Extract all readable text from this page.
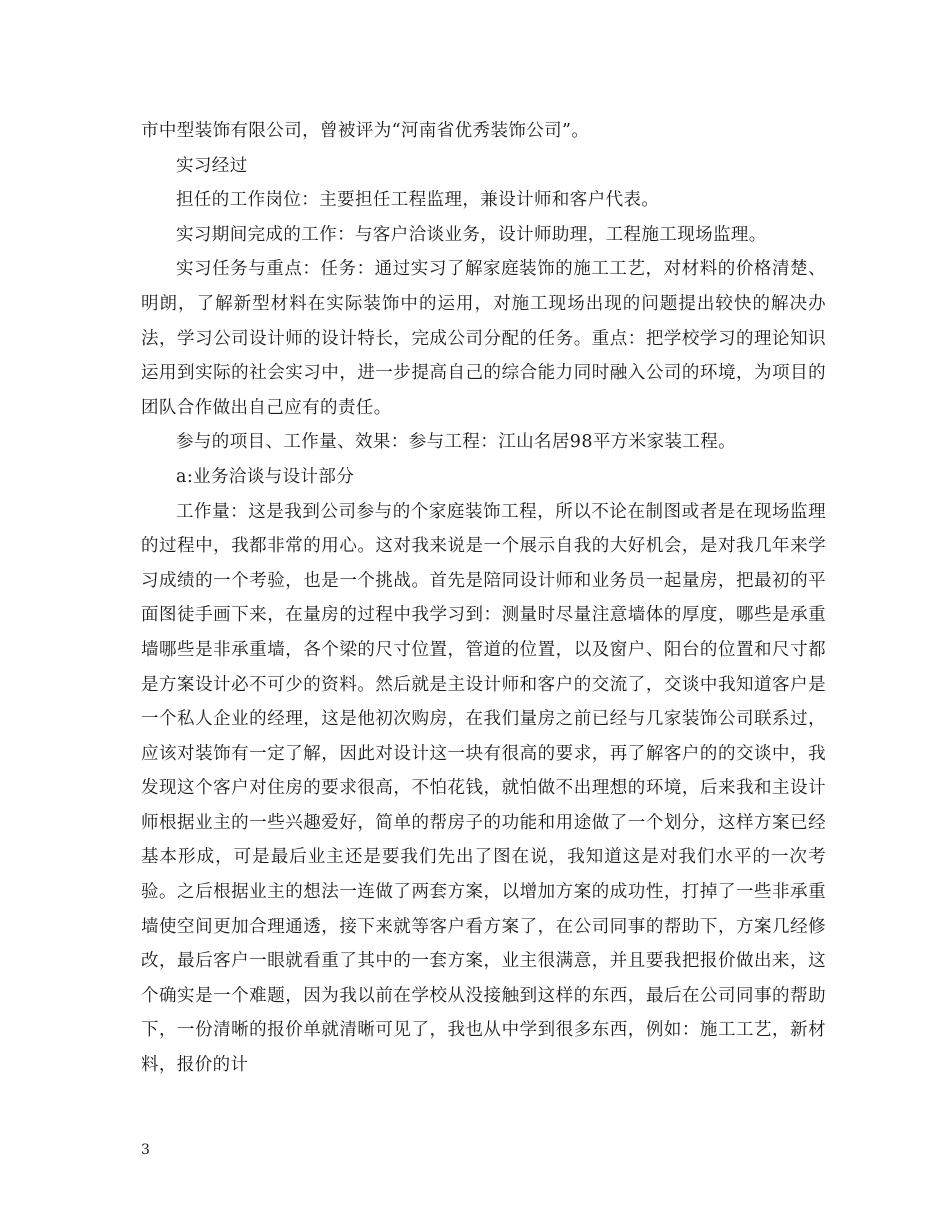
市中型装饰有限公司，曾被评为“河南省优秀装饰公司”。

实习经过

担任的工作岗位：主要担任工程监理，兼设计师和客户代表。

实习期间完成的工作：与客户洽谈业务，设计师助理，工程施工现场监理。

实习任务与重点：任务：通过实习了解家庭装饰的施工工艺，对材料的价格清楚、明朗，了解新型材料在实际装饰中的运用，对施工现场出现的问题提出较快的解决办法，学习公司设计师的设计特长，完成公司分配的任务。重点：把学校学习的理论知识运用到实际的社会实习中，进一步提高自己的综合能力同时融入公司的环境，为项目的团队合作做出自己应有的责任。

参与的项目、工作量、效果：参与工程：江山名居98平方米家装工程。

a:业务洽谈与设计部分

工作量：这是我到公司参与的个家庭装饰工程，所以不论在制图或者是在现场监理的过程中，我都非常的用心。这对我来说是一个展示自我的大好机会，是对我几年来学习成绩的一个考验，也是一个挑战。首先是陪同设计师和业务员一起量房，把最初的平面图徒手画下来，在量房的过程中我学习到：测量时尽量注意墙体的厚度，哪些是承重墙哪些是非承重墙，各个梁的尺寸位置，管道的位置，以及窗户、阳台的位置和尺寸都是方案设计必不可少的资料。然后就是主设计师和客户的交流了，交谈中我知道客户是一个私人企业的经理，这是他初次购房，在我们量房之前已经与几家装饰公司联系过，应该对装饰有一定了解，因此对设计这一块有很高的要求，再了解客户的的交谈中，我发现这个客户对住房的要求很高，不怕花钱，就怕做不出理想的环境，后来我和主设计师根据业主的一些兴趣爱好，简单的帮房子的功能和用途做了一个划分，这样方案已经基本形成，可是最后业主还是要我们先出了图在说，我知道这是对我们水平的一次考验。之后根据业主的想法一连做了两套方案，以增加方案的成功性，打掉了一些非承重墙使空间更加合理通透，接下来就等客户看方案了，在公司同事的帮助下，方案几经修改，最后客户一眼就看重了其中的一套方案，业主很满意，并且要我把报价做出来，这个确实是一个难题，因为我以前在学校从没接触到这样的东西，最后在公司同事的帮助下，一份清晰的报价单就清晰可见了，我也从中学到很多东西，例如：施工工艺，新材料，报价的计

3
